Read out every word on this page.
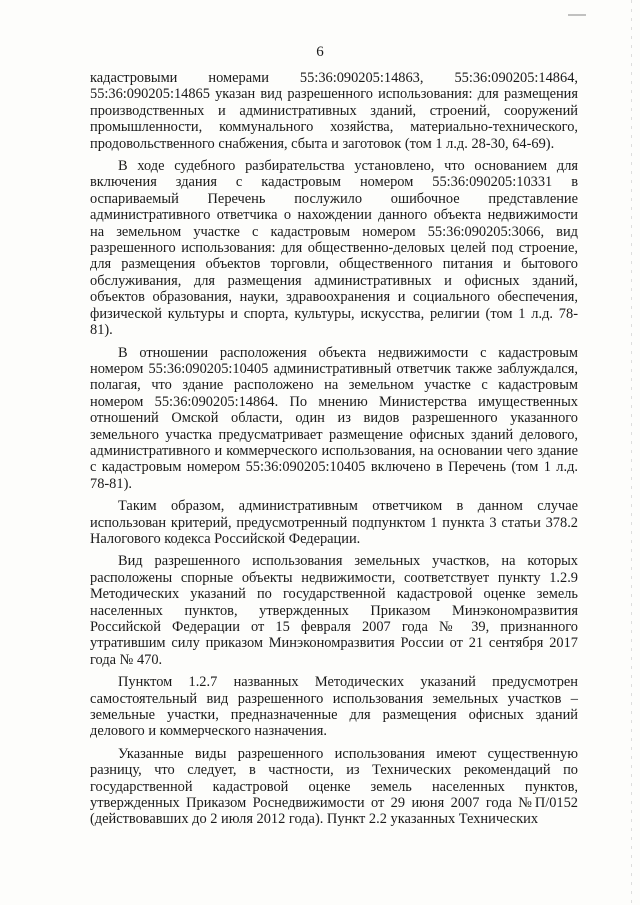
6

кадастровыми номерами 55:36:090205:14863, 55:36:090205:14864, 55:36:090205:14865 указан вид разрешенного использования: для размещения производственных и административных зданий, строений, сооружений промышленности, коммунального хозяйства, материально-технического, продовольственного снабжения, сбыта и заготовок (том 1 л.д. 28-30, 64-69).

В ходе судебного разбирательства установлено, что основанием для включения здания с кадастровым номером 55:36:090205:10331 в оспариваемый Перечень послужило ошибочное представление административного ответчика о нахождении данного объекта недвижимости на земельном участке с кадастровым номером 55:36:090205:3066, вид разрешенного использования: для общественно-деловых целей под строение, для размещения объектов торговли, общественного питания и бытового обслуживания, для размещения административных и офисных зданий, объектов образования, науки, здравоохранения и социального обеспечения, физической культуры и спорта, культуры, искусства, религии (том 1 л.д. 78-81).

В отношении расположения объекта недвижимости с кадастровым номером 55:36:090205:10405 административный ответчик также заблуждался, полагая, что здание расположено на земельном участке с кадастровым номером 55:36:090205:14864. По мнению Министерства имущественных отношений Омской области, один из видов разрешенного указанного земельного участка предусматривает размещение офисных зданий делового, административного и коммерческого использования, на основании чего здание с кадастровым номером 55:36:090205:10405 включено в Перечень (том 1 л.д. 78-81).

Таким образом, административным ответчиком в данном случае использован критерий, предусмотренный подпунктом 1 пункта 3 статьи 378.2 Налогового кодекса Российской Федерации.

Вид разрешенного использования земельных участков, на которых расположены спорные объекты недвижимости, соответствует пункту 1.2.9 Методических указаний по государственной кадастровой оценке земель населенных пунктов, утвержденных Приказом Минэкономразвития Российской Федерации от 15 февраля 2007 года № 39, признанного утратившим силу приказом Минэкономразвития России от 21 сентября 2017 года № 470.

Пунктом 1.2.7 названных Методических указаний предусмотрен самостоятельный вид разрешенного использования земельных участков – земельные участки, предназначенные для размещения офисных зданий делового и коммерческого назначения.

Указанные виды разрешенного использования имеют существенную разницу, что следует, в частности, из Технических рекомендаций по государственной кадастровой оценке земель населенных пунктов, утвержденных Приказом Роснедвижимости от 29 июня 2007 года №П/0152 (действовавших до 2 июля 2012 года). Пункт 2.2 указанных Технических
